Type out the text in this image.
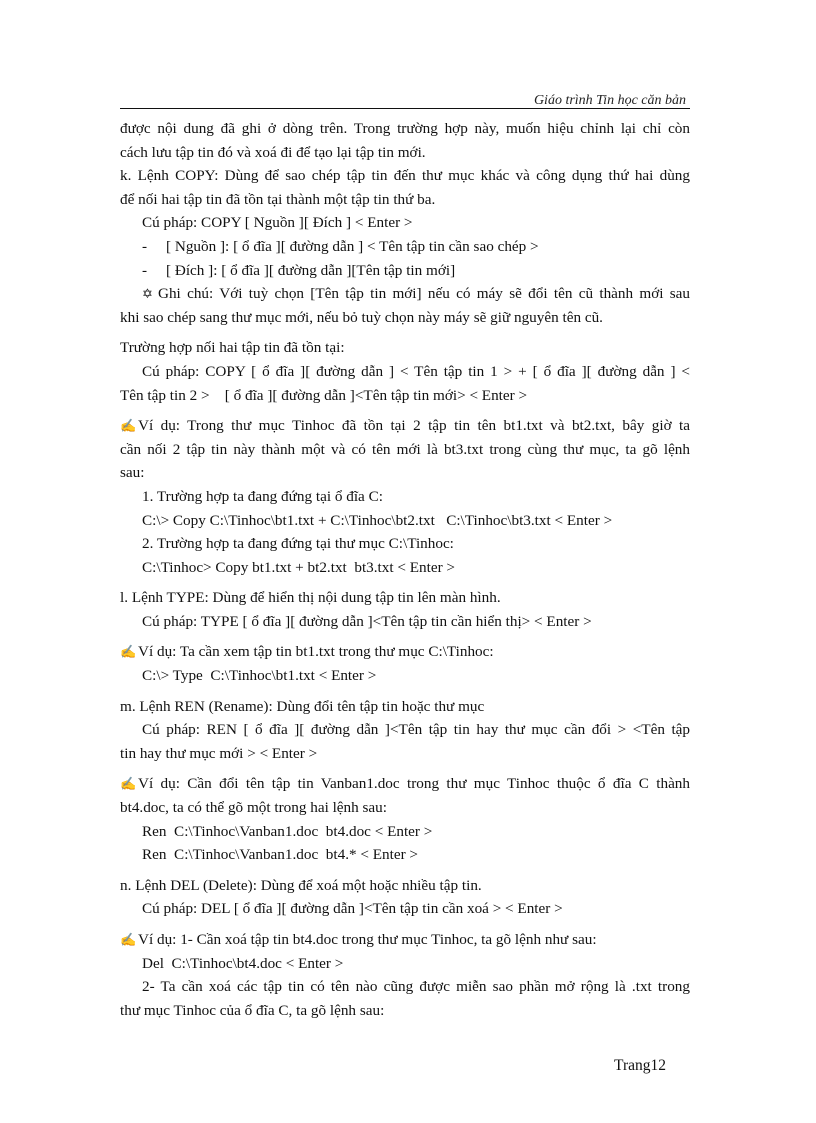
Giáo trình Tin học căn bản

được nội dung đã ghi ở dòng trên. Trong trường hợp này, muốn hiệu chỉnh lại chỉ còn

cách lưu tập tin đó và xoá đi để tạo lại tập tin mới.

k. Lệnh COPY: Dùng để sao chép tập tin đến thư mục khác và công dụng thứ hai dùng

để nối hai tập tin đã tồn tại thành một tập tin thứ ba.

Cú pháp: COPY [ Nguồn ][ Đích ] < Enter >

- [ Nguồn ]: [ ổ đĩa ][ đường dẫn ] < Tên tập tin cần sao chép >

- [ Đích ]: [ ổ đĩa ][ đường dẫn ][Tên tập tin mới]

✡ Ghi chú: Với tuỳ chọn [Tên tập tin mới] nếu có máy sẽ đổi tên cũ thành mới sau

khi sao chép sang thư mục mới, nếu bỏ tuỳ chọn này máy sẽ giữ nguyên tên cũ.

Trường hợp nối hai tập tin đã tồn tại:

Cú pháp: COPY [ ổ đĩa ][ đường dẫn ] < Tên tập tin 1 > + [ ổ đĩa ][ đường dẫn ] <

Tên tập tin 2 >    [ ổ đĩa ][ đường dẫn ]<Tên tập tin mới> < Enter >

✍ Ví dụ: Trong thư mục Tinhoc đã tồn tại 2 tập tin tên bt1.txt và bt2.txt, bây giờ ta

cần nối 2 tập tin này thành một và có tên mới là bt3.txt trong cùng thư mục, ta gõ lệnh

sau:

1. Trường hợp ta đang đứng tại ổ đĩa C:

C:\> Copy C:\Tinhoc\bt1.txt + C:\Tinhoc\bt2.txt   C:\Tinhoc\bt3.txt < Enter >

2. Trường hợp ta đang đứng tại thư mục C:\Tinhoc:

C:\Tinhoc> Copy bt1.txt + bt2.txt  bt3.txt < Enter >

l. Lệnh TYPE: Dùng để hiển thị nội dung tập tin lên màn hình.

Cú pháp: TYPE [ ổ đĩa ][ đường dẫn ]<Tên tập tin cần hiển thị> < Enter >

✍ Ví dụ: Ta cần xem tập tin bt1.txt trong thư mục C:\Tinhoc:

C:\> Type  C:\Tinhoc\bt1.txt < Enter >

m. Lệnh REN (Rename): Dùng đổi tên tập tin hoặc thư mục

Cú pháp: REN [ ổ đĩa ][ đường dẫn ]<Tên tập tin hay thư mục cần đổi > <Tên tập

tin hay thư mục mới > < Enter >

✍ Ví dụ: Cần đổi tên tập tin Vanban1.doc trong thư mục Tinhoc thuộc ổ đĩa C thành

bt4.doc, ta có thể gõ một trong hai lệnh sau:

Ren  C:\Tinhoc\Vanban1.doc  bt4.doc < Enter >

Ren  C:\Tinhoc\Vanban1.doc  bt4.* < Enter >

n. Lệnh DEL (Delete): Dùng để xoá một hoặc nhiều tập tin.

Cú pháp: DEL [ ổ đĩa ][ đường dẫn ]<Tên tập tin cần xoá > < Enter >

✍ Ví dụ: 1- Cần xoá tập tin bt4.doc trong thư mục Tinhoc, ta gõ lệnh như sau:

Del  C:\Tinhoc\bt4.doc < Enter >

2- Ta cần xoá các tập tin có tên nào cũng được miễn sao phần mở rộng là .txt trong

thư mục Tinhoc của ổ đĩa C, ta gõ lệnh sau:

Trang12
